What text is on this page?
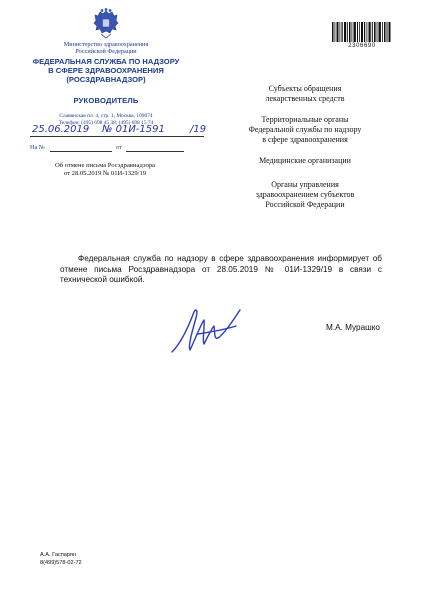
Министерство здравоохранения
Российской Федерации
ФЕДЕРАЛЬНАЯ СЛУЖБА ПО НАДЗОРУ
В СФЕРЕ ЗДРАВООХРАНЕНИЯ
(РОСЗДРАВНАДЗОР)
РУКОВОДИТЕЛЬ
Славянская пл. 4, стр. 1, Москва, 109074
Телефон: (495) 698 45 38; (495) 698 15 74
25.06.2019 № 01И-1591	/19
На №	от
Об отмене письма Росздравнадзора
от 28.05.2019 № 01И-1329/19
2306690
Субъекты обращения
лекарственных средств
Территориальные органы
Федеральной службы по надзору
в сфере здравоохранения
Медицинские организации
Органы управления
здравоохранением субъектов
Российской Федерации

Федеральная служба по надзору в сфере здравоохранения информирует об отмене письма Росздравнадзора от 28.05.2019 № 01И-1329/19 в связи с технической ошибкой.

М.А. Мурашко
А.А. Гаспарян
8(499)578-02-72
